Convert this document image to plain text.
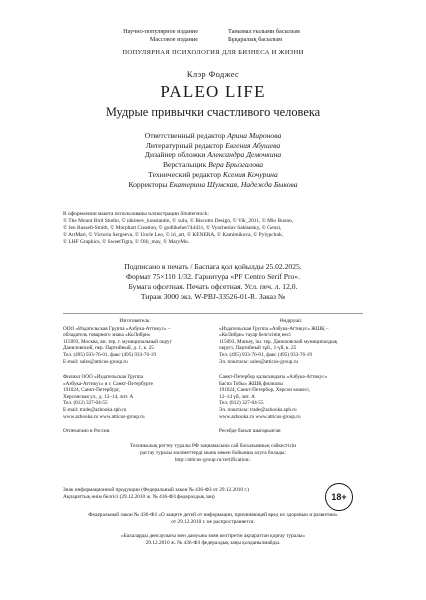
Научно-популярное издание
Массовое издание
Танымал ғылыми басылым
Бұқаралық басылым
ПОПУЛЯРНАЯ ПСИХОЛОГИЯ ДЛЯ БИЗНЕСА И ЖИЗНИ
Клэр Фоджес
PALEO LIFE
Мудрые привычки счастливого человека
Ответственный редактор Арина Миронова
Литературный редактор Евгения Абушева
Дизайнер обложки Александра Демочкина
Верстальщик Вера Брызгалова
Технический редактор Ксения Кочурина
Корректоры Екатерина Шумская, Надежда Быкова
В оформлении макета использованы иллюстрации Shutterstock:
© The Mount Bird Studio, © nikiteev_konstantin, © xulu, © Biscotto Design, © Vik_2011, © Mio Buono,
© Jen Russell-Smith, © Morphart Creation, © godlikeher744431, © Vyacheslav Sakhatsky, © Genzi,
© ArtMari, © Victoria Sergeeva, © Uncle Leo, © iri_art, © KENERA, © Kamimikova, © Pylypchuk,
© LHF Graphics, © SweetTigra, © Olli_may, © MaryMo.
Подписано в печать / Баспаға қол қойылды 25.02.2025.
Формат 75×110 1/32. Гарнитура «PF Centro Serif Pro».
Бумага офсетная. Печать офсетная. Усл. печ. л. 12,0.
Тираж 3000 экз. W-PBJ-33526-01-R. Заказ №
Изготовитель:
ООО «Издательская Группа «Азбука-Аттикус» –
обладатель товарного знака «КоЛибри»
115093, Москва, вн. тер. г. муниципальный округ
Даниловский, пер. Партийный, д. 1, к. 25
Тел. (495) 933-76-01, факс (495) 933-76-19
E-mail: sales@atticus-group.ru
Өндіруші:
«Издательская Группа «Азбука-Аттикус» ЖШҚ –
«КоЛибри» тауар белгісінің иесі
115093, Мәскеу, іш. тер. Даниловский муниципалдық
округі, Партийный тұй., 1-үй, к. 25
Тел. (495) 933-76-01, факс (495) 933-76-19
Эл. поштасы: sales@atticus-group.ru
Филиал ООО «Издательская Группа
«Азбука-Аттикус» в г. Санкт-Петербурге
191024, Санкт-Петербург,
Херсонская ул., д. 12–14, лит. А
Тел. (812) 327-04-55
E-mail: trade@azbooka.spb.ru
www.azbooka.ru www.atticus-group.ru
Санкт-Петербор қаласындағы «Азбука-Аттикус»
Баспа Тобы» ЖШҚ филиалы
191024, Санкт-Петербор, Херсон көшесі,
12–14 үй, лит. А
Тел. (812) 327-04-55
Эл. поштасы: trade@azbooka.spb.ru
www.azbooka.ru www.atticus-group.ru
Отпечатано в России.	Ресейде басып шығарылған
Техникалық реттеу туралы РФ заңнамасына сай басылымның сәйкестігін
растау туралы мәліметтерді мына мекен бойынша алуға болады:
http://atticus-group.ru/certification/.
Знак информационной продукции (Федеральный закон № 436-ФЗ от 29.12.2010 г.)
Ақпараттық өнім белгісі (29.12.2010 ж. № 436-ФЗ федералдық заң)	18+
Федеральный закон № 436-ФЗ «О защите детей от информации, причиняющей вред их здоровью и развитию»
от 29.12.2010 г. не распространяется.
«Балаларды денсаулығы мен дамуына зиян келтіретін ақпараттан қорғау туралы»
29.12.2010 ж. № 436-ФЗ федералдық заңы қолданылмайды.
